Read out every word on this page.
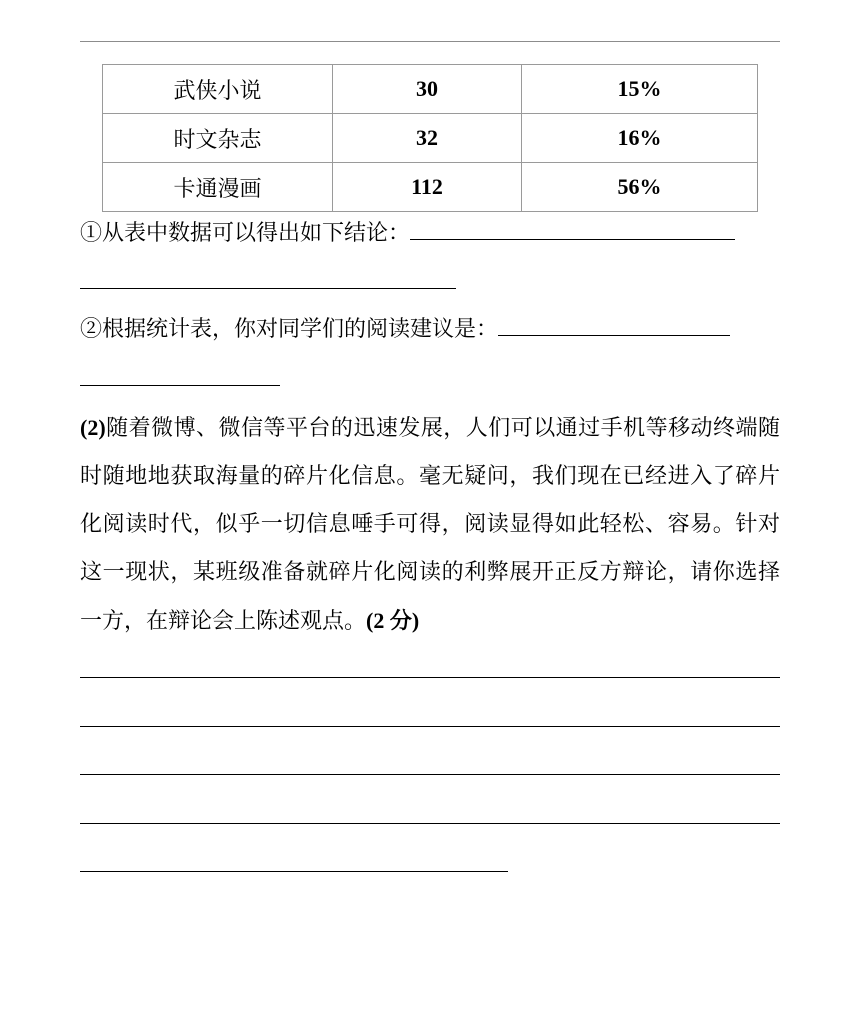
武侠小说	30	15%
时文杂志	32	16%
卡通漫画	112	56%
①从表中数据可以得出如下结论：
②根据统计表，你对同学们的阅读建议是：
(2)随着微博、微信等平台的迅速发展，人们可以通过手机等移动终端随时随地地获取海量的碎片化信息。毫无疑问，我们现在已经进入了碎片化阅读时代，似乎一切信息唾手可得，阅读显得如此轻松、容易。针对这一现状，某班级准备就碎片化阅读的利弊展开正反方辩论，请你选择一方，在辩论会上陈述观点。(2 分)
